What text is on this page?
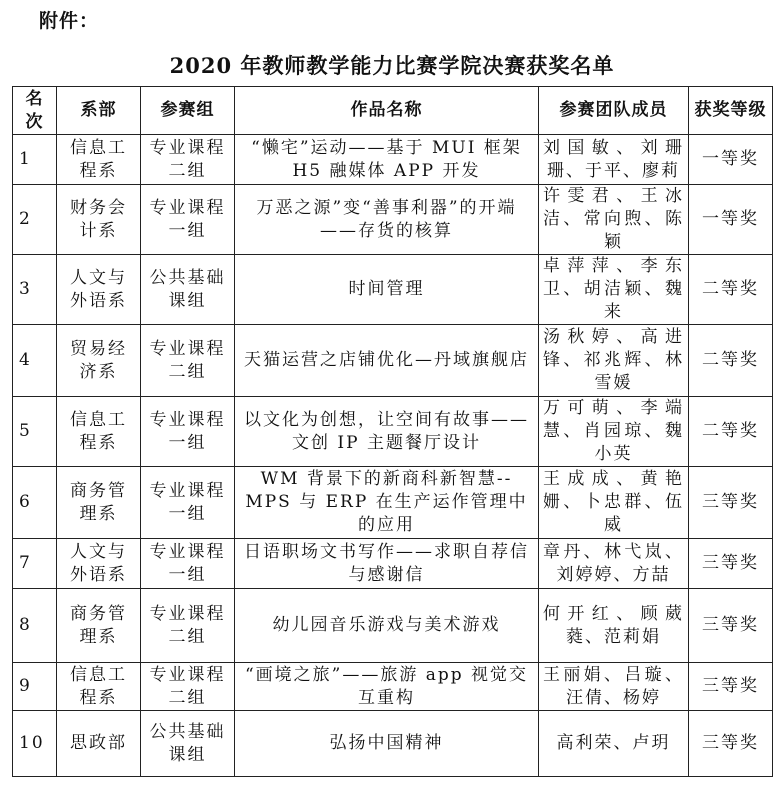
附件：
2020 年教师教学能力比赛学院决赛获奖名单
名次	系部	参赛组	作品名称	参赛团队成员	获奖等级
1	信息工程系	专业课程二组	“懒宅”运动——基于 MUI 框架 H5 融媒体 APP 开发	刘国敏、刘珊珊、于平、廖莉	一等奖
2	财务会计系	专业课程一组	万恶之源”变“善事利器”的开端——存货的核算	许雯君、王冰洁、常向煦、陈颖	一等奖
3	人文与外语系	公共基础课组	时间管理	卓萍萍、李东卫、胡洁颖、魏来	二等奖
4	贸易经济系	专业课程二组	天猫运营之店铺优化—丹域旗舰店	汤秋婷、高进锋、祁兆辉、林雪媛	二等奖
5	信息工程系	专业课程一组	以文化为创想，让空间有故事——文创 IP 主题餐厅设计	万可萌、李端慧、肖园琼、魏小英	二等奖
6	商务管理系	专业课程一组	WM 背景下的新商科新智慧--MPS 与 ERP 在生产运作管理中的应用	王成成、黄艳姗、卜忠群、伍威	三等奖
7	人文与外语系	专业课程一组	日语职场文书写作——求职自荐信与感谢信	章丹、林弋岚、刘婷婷、方喆	三等奖
8	商务管理系	专业课程二组	幼儿园音乐游戏与美术游戏	何开红、顾葳蕤、范莉娟	三等奖
9	信息工程系	专业课程二组	“画境之旅”——旅游 app 视觉交互重构	王丽娟、吕璇、汪倩、杨婷	三等奖
10	思政部	公共基础课组	弘扬中国精神	高利荣、卢玥	三等奖
